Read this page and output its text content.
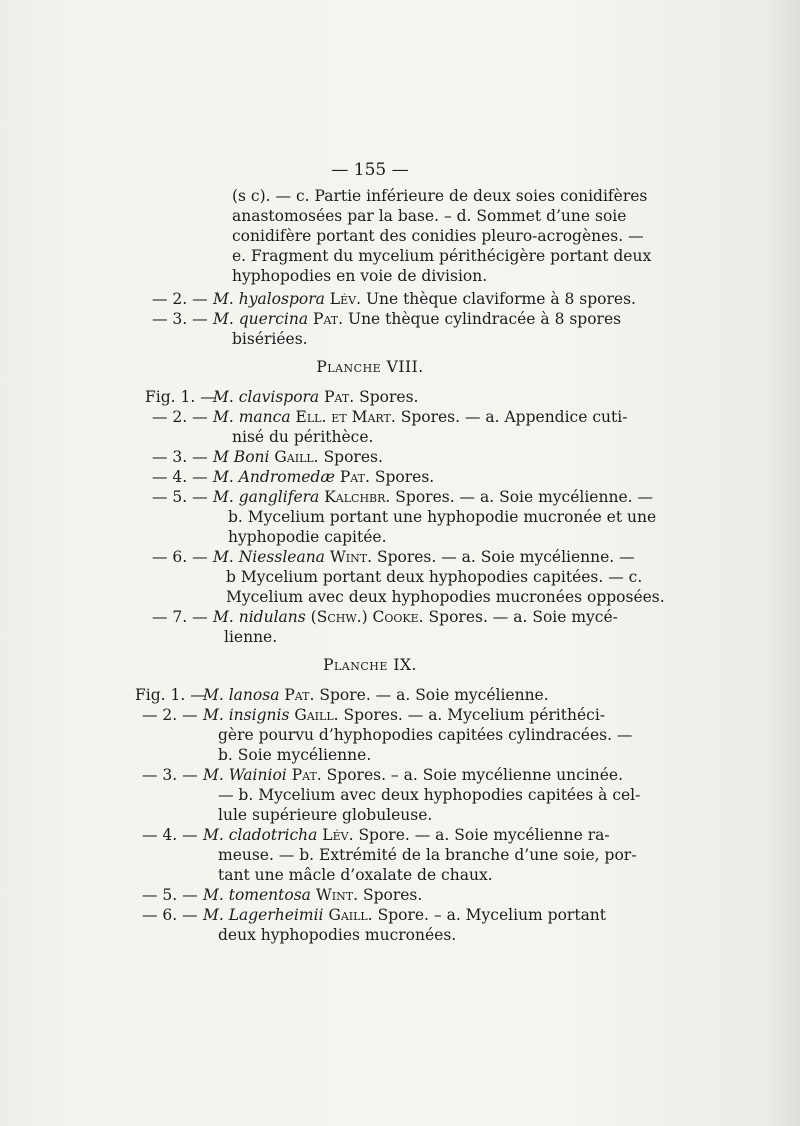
— 155 —
(s c). — c. Partie inférieure de deux soies conidifères
anastomosées par la base. – d. Sommet d’une soie
conidifère portant des conidies pleuro-acrogènes. —
e. Fragment du mycelium périthécigère portant deux
hyphopodies en voie de division.
— 2. — M. hyalospora Lév. Une thèque claviforme à 8 spores.
— 3. — M. quercina Pat. Une thèque cylindracée à 8 spores
bisériées.
Planche VIII.
Fig. 1. —
M. clavispora Pat. Spores.
— 2. — M. manca Ell. et Mart. Spores. — a. Appendice cuti-
nisé du périthèce.
— 3. — M Boni Gaill. Spores.
— 4. — M. Andromedæ Pat. Spores.
— 5. — M. ganglifera Kalchbr. Spores. — a. Soie mycélienne. —
b. Mycelium portant une hyphopodie mucronée et une
hyphopodie capitée.
— 6. — M. Niessleana Wint. Spores. — a. Soie mycélienne. —
b Mycelium portant deux hyphopodies capitées. — c.
Mycelium avec deux hyphopodies mucronées opposées.
— 7. — M. nidulans (Schw.) Cooke. Spores. — a. Soie mycé-
lienne.
Planche IX.
Fig. 1. —
M. lanosa Pat. Spore. — a. Soie mycélienne.
— 2. — M. insignis Gaill. Spores. — a. Mycelium périthéci-
gère pourvu d’hyphopodies capitées cylindracées. —
b. Soie mycélienne.
— 3. — M. Wainioi Pat. Spores. – a. Soie mycélienne uncinée.
— b. Mycelium avec deux hyphopodies capitées à cel-
lule supérieure globuleuse.
— 4. — M. cladotricha Lév. Spore. — a. Soie mycélienne ra-
meuse. — b. Extrémité de la branche d’une soie, por-
tant une mâcle d’oxalate de chaux.
— 5. — M. tomentosa Wint. Spores.
— 6. — M. Lagerheimii Gaill. Spore. – a. Mycelium portant
deux hyphopodies mucronées.
